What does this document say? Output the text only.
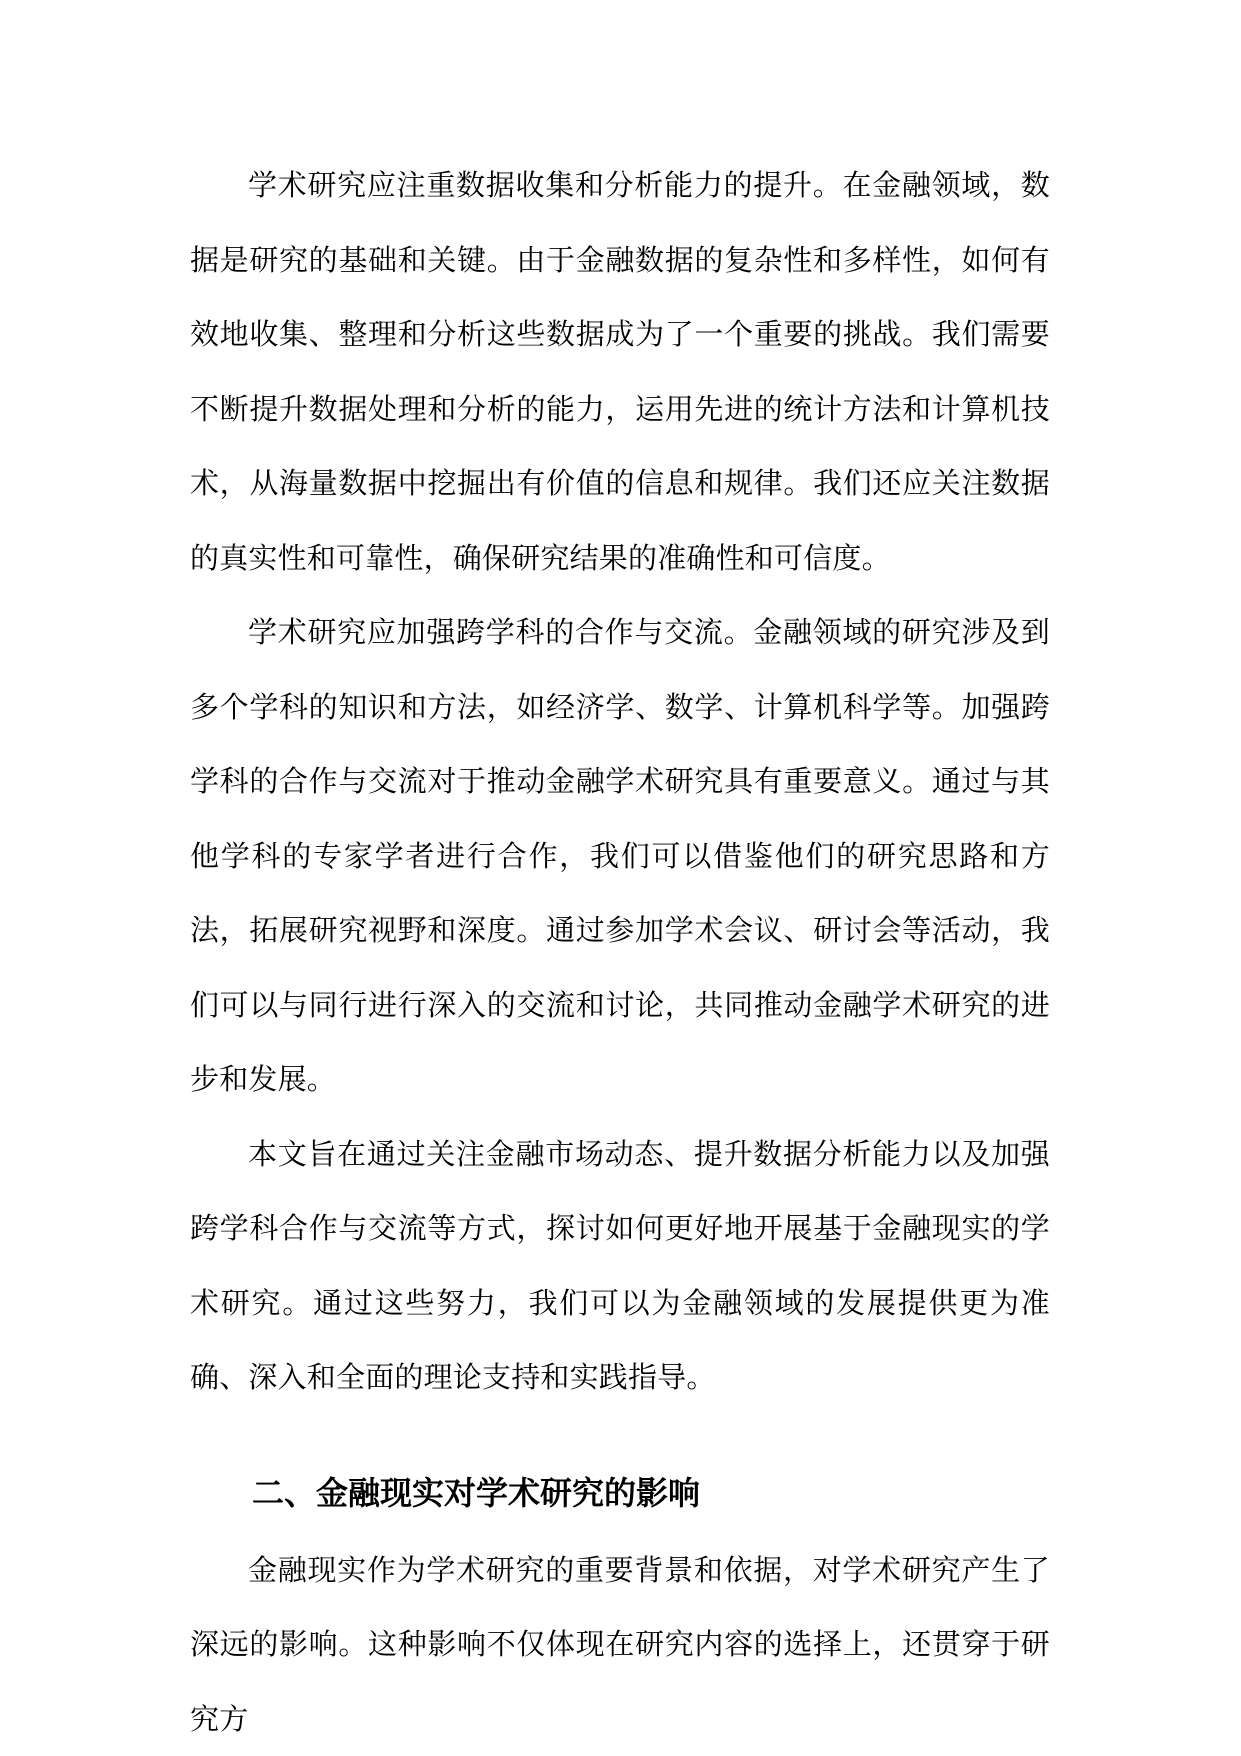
学术研究应注重数据收集和分析能力的提升。在金融领域，数据是研究的基础和关键。由于金融数据的复杂性和多样性，如何有效地收集、整理和分析这些数据成为了一个重要的挑战。我们需要不断提升数据处理和分析的能力，运用先进的统计方法和计算机技术，从海量数据中挖掘出有价值的信息和规律。我们还应关注数据的真实性和可靠性，确保研究结果的准确性和可信度。

学术研究应加强跨学科的合作与交流。金融领域的研究涉及到多个学科的知识和方法，如经济学、数学、计算机科学等。加强跨学科的合作与交流对于推动金融学术研究具有重要意义。通过与其他学科的专家学者进行合作，我们可以借鉴他们的研究思路和方法，拓展研究视野和深度。通过参加学术会议、研讨会等活动，我们可以与同行进行深入的交流和讨论，共同推动金融学术研究的进步和发展。

本文旨在通过关注金融市场动态、提升数据分析能力以及加强跨学科合作与交流等方式，探讨如何更好地开展基于金融现实的学术研究。通过这些努力，我们可以为金融领域的发展提供更为准确、深入和全面的理论支持和实践指导。

二、金融现实对学术研究的影响

金融现实作为学术研究的重要背景和依据，对学术研究产生了深远的影响。这种影响不仅体现在研究内容的选择上，还贯穿于研究方
